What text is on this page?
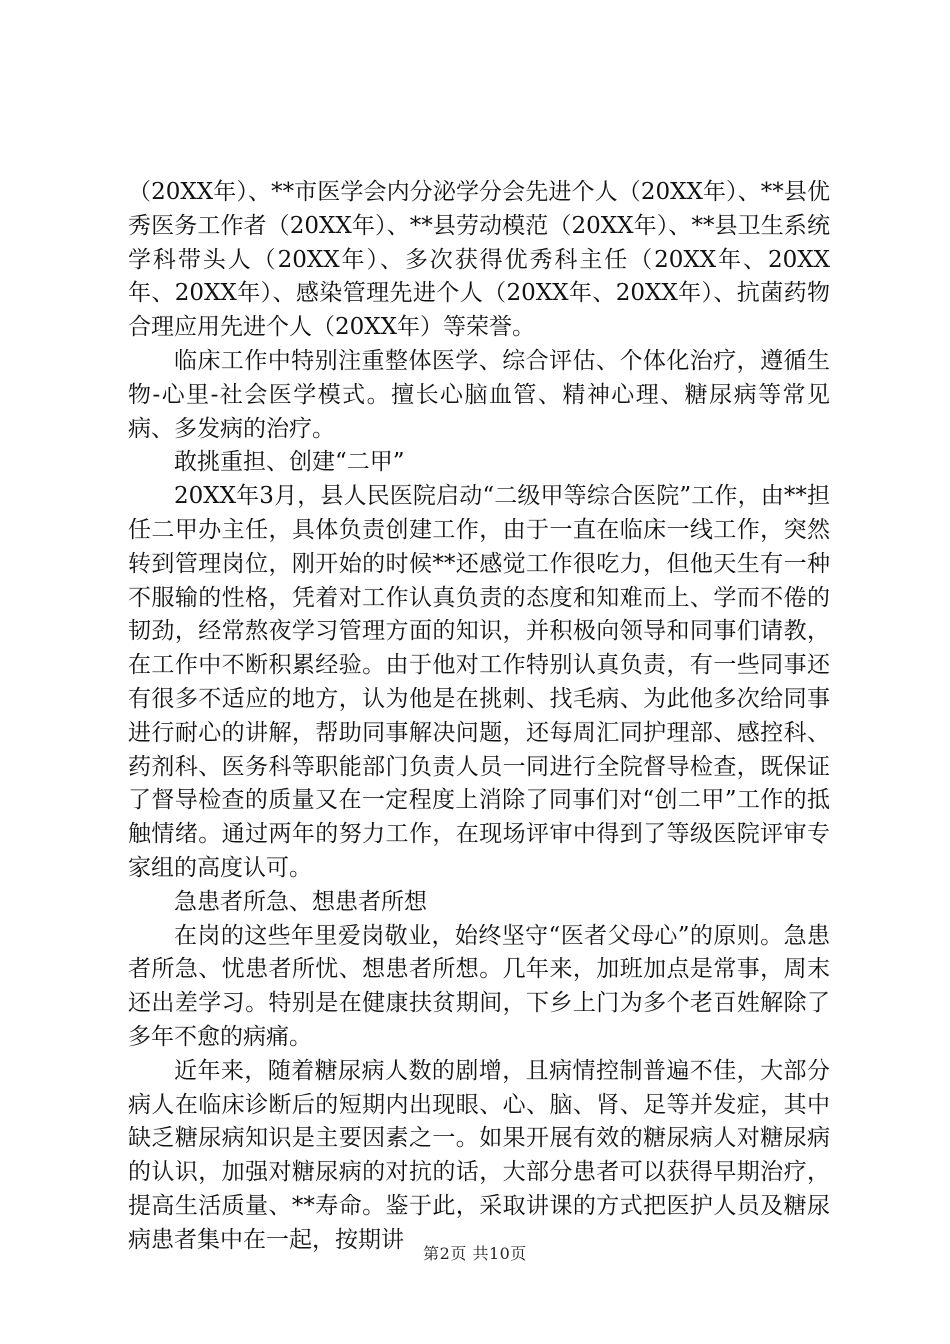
（20XX年）、**市医学会内分泌学分会先进个人（20XX年）、**县优秀医务工作者（20XX年）、**县劳动模范（20XX年）、**县卫生系统学科带头人（20XX年）、多次获得优秀科主任（20XX年、20XX年、20XX年）、感染管理先进个人（20XX年、20XX年）、抗菌药物合理应用先进个人（20XX年）等荣誉。

临床工作中特别注重整体医学、综合评估、个体化治疗，遵循生物-心里-社会医学模式。擅长心脑血管、精神心理、糖尿病等常见病、多发病的治疗。

敢挑重担、创建“二甲”

20XX年3月，县人民医院启动“二级甲等综合医院”工作，由**担任二甲办主任，具体负责创建工作，由于一直在临床一线工作，突然转到管理岗位，刚开始的时候**还感觉工作很吃力，但他天生有一种不服输的性格，凭着对工作认真负责的态度和知难而上、学而不倦的韧劲，经常熬夜学习管理方面的知识，并积极向领导和同事们请教，在工作中不断积累经验。由于他对工作特别认真负责，有一些同事还有很多不适应的地方，认为他是在挑刺、找毛病、为此他多次给同事进行耐心的讲解，帮助同事解决问题，还每周汇同护理部、感控科、药剂科、医务科等职能部门负责人员一同进行全院督导检查，既保证了督导检查的质量又在一定程度上消除了同事们对“创二甲”工作的抵触情绪。通过两年的努力工作，在现场评审中得到了等级医院评审专家组的高度认可。

急患者所急、想患者所想

在岗的这些年里爱岗敬业，始终坚守“医者父母心”的原则。急患者所急、忧患者所忧、想患者所想。几年来，加班加点是常事，周末还出差学习。特别是在健康扶贫期间，下乡上门为多个老百姓解除了多年不愈的病痛。

近年来，随着糖尿病人数的剧增，且病情控制普遍不佳，大部分病人在临床诊断后的短期内出现眼、心、脑、肾、足等并发症，其中缺乏糖尿病知识是主要因素之一。如果开展有效的糖尿病人对糖尿病的认识，加强对糖尿病的对抗的话，大部分患者可以获得早期治疗，提高生活质量、**寿命。鉴于此，采取讲课的方式把医护人员及糖尿病患者集中在一起，按期讲

第2页 共10页
